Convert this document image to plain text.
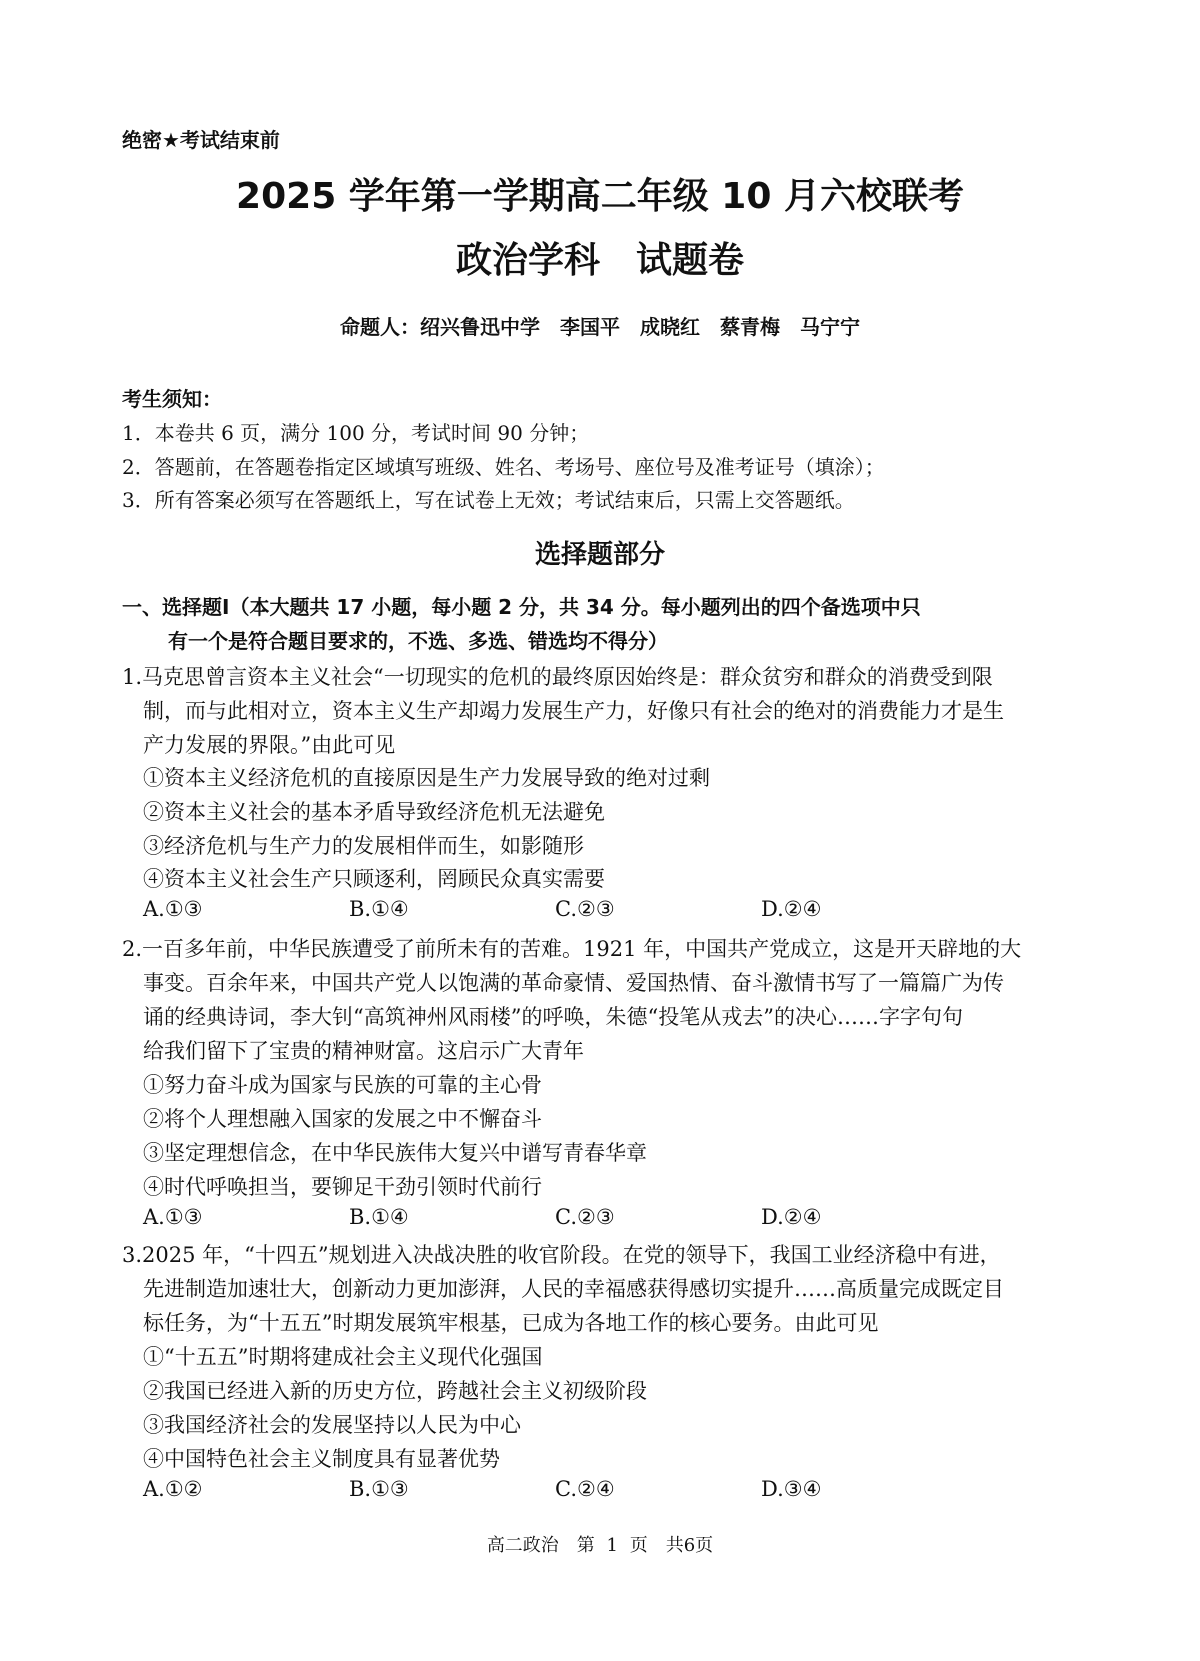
绝密★考试结束前
2025 学年第一学期高二年级 10 月六校联考
政治学科　试题卷
命题人：绍兴鲁迅中学　李国平　成晓红　蔡青梅　马宁宁
考生须知：
1．本卷共 6 页，满分 100 分，考试时间 90 分钟；
2．答题前，在答题卷指定区域填写班级、姓名、考场号、座位号及准考证号（填涂）；
3．所有答案必须写在答题纸上，写在试卷上无效；考试结束后，只需上交答题纸。
选择题部分
一、选择题Ⅰ（本大题共 17 小题，每小题 2 分，共 34 分。每小题列出的四个备选项中只
有一个是符合题目要求的，不选、多选、错选均不得分）
1.马克思曾言资本主义社会“一切现实的危机的最终原因始终是：群众贫穷和群众的消费受到限
制，而与此相对立，资本主义生产却竭力发展生产力，好像只有社会的绝对的消费能力才是生
产力发展的界限。”由此可见
①资本主义经济危机的直接原因是生产力发展导致的绝对过剩
②资本主义社会的基本矛盾导致经济危机无法避免
③经济危机与生产力的发展相伴而生，如影随形
④资本主义社会生产只顾逐利，罔顾民众真实需要
A.①③	B.①④	C.②③	D.②④
2.一百多年前，中华民族遭受了前所未有的苦难。1921 年，中国共产党成立，这是开天辟地的大
事变。百余年来，中国共产党人以饱满的革命豪情、爱国热情、奋斗激情书写了一篇篇广为传
诵的经典诗词，李大钊“高筑神州风雨楼”的呼唤，朱德“投笔从戎去”的决心……字字句句
给我们留下了宝贵的精神财富。这启示广大青年
①努力奋斗成为国家与民族的可靠的主心骨
②将个人理想融入国家的发展之中不懈奋斗
③坚定理想信念，在中华民族伟大复兴中谱写青春华章
④时代呼唤担当，要铆足干劲引领时代前行
A.①③	B.①④	C.②③	D.②④
3.2025 年，“十四五”规划进入决战决胜的收官阶段。在党的领导下，我国工业经济稳中有进，
先进制造加速壮大，创新动力更加澎湃，人民的幸福感获得感切实提升……高质量完成既定目
标任务，为“十五五”时期发展筑牢根基，已成为各地工作的核心要务。由此可见
①“十五五”时期将建成社会主义现代化强国
②我国已经进入新的历史方位，跨越社会主义初级阶段
③我国经济社会的发展坚持以人民为中心
④中国特色社会主义制度具有显著优势
A.①②	B.①③	C.②④	D.③④
高二政治　第 1 页　共6页
